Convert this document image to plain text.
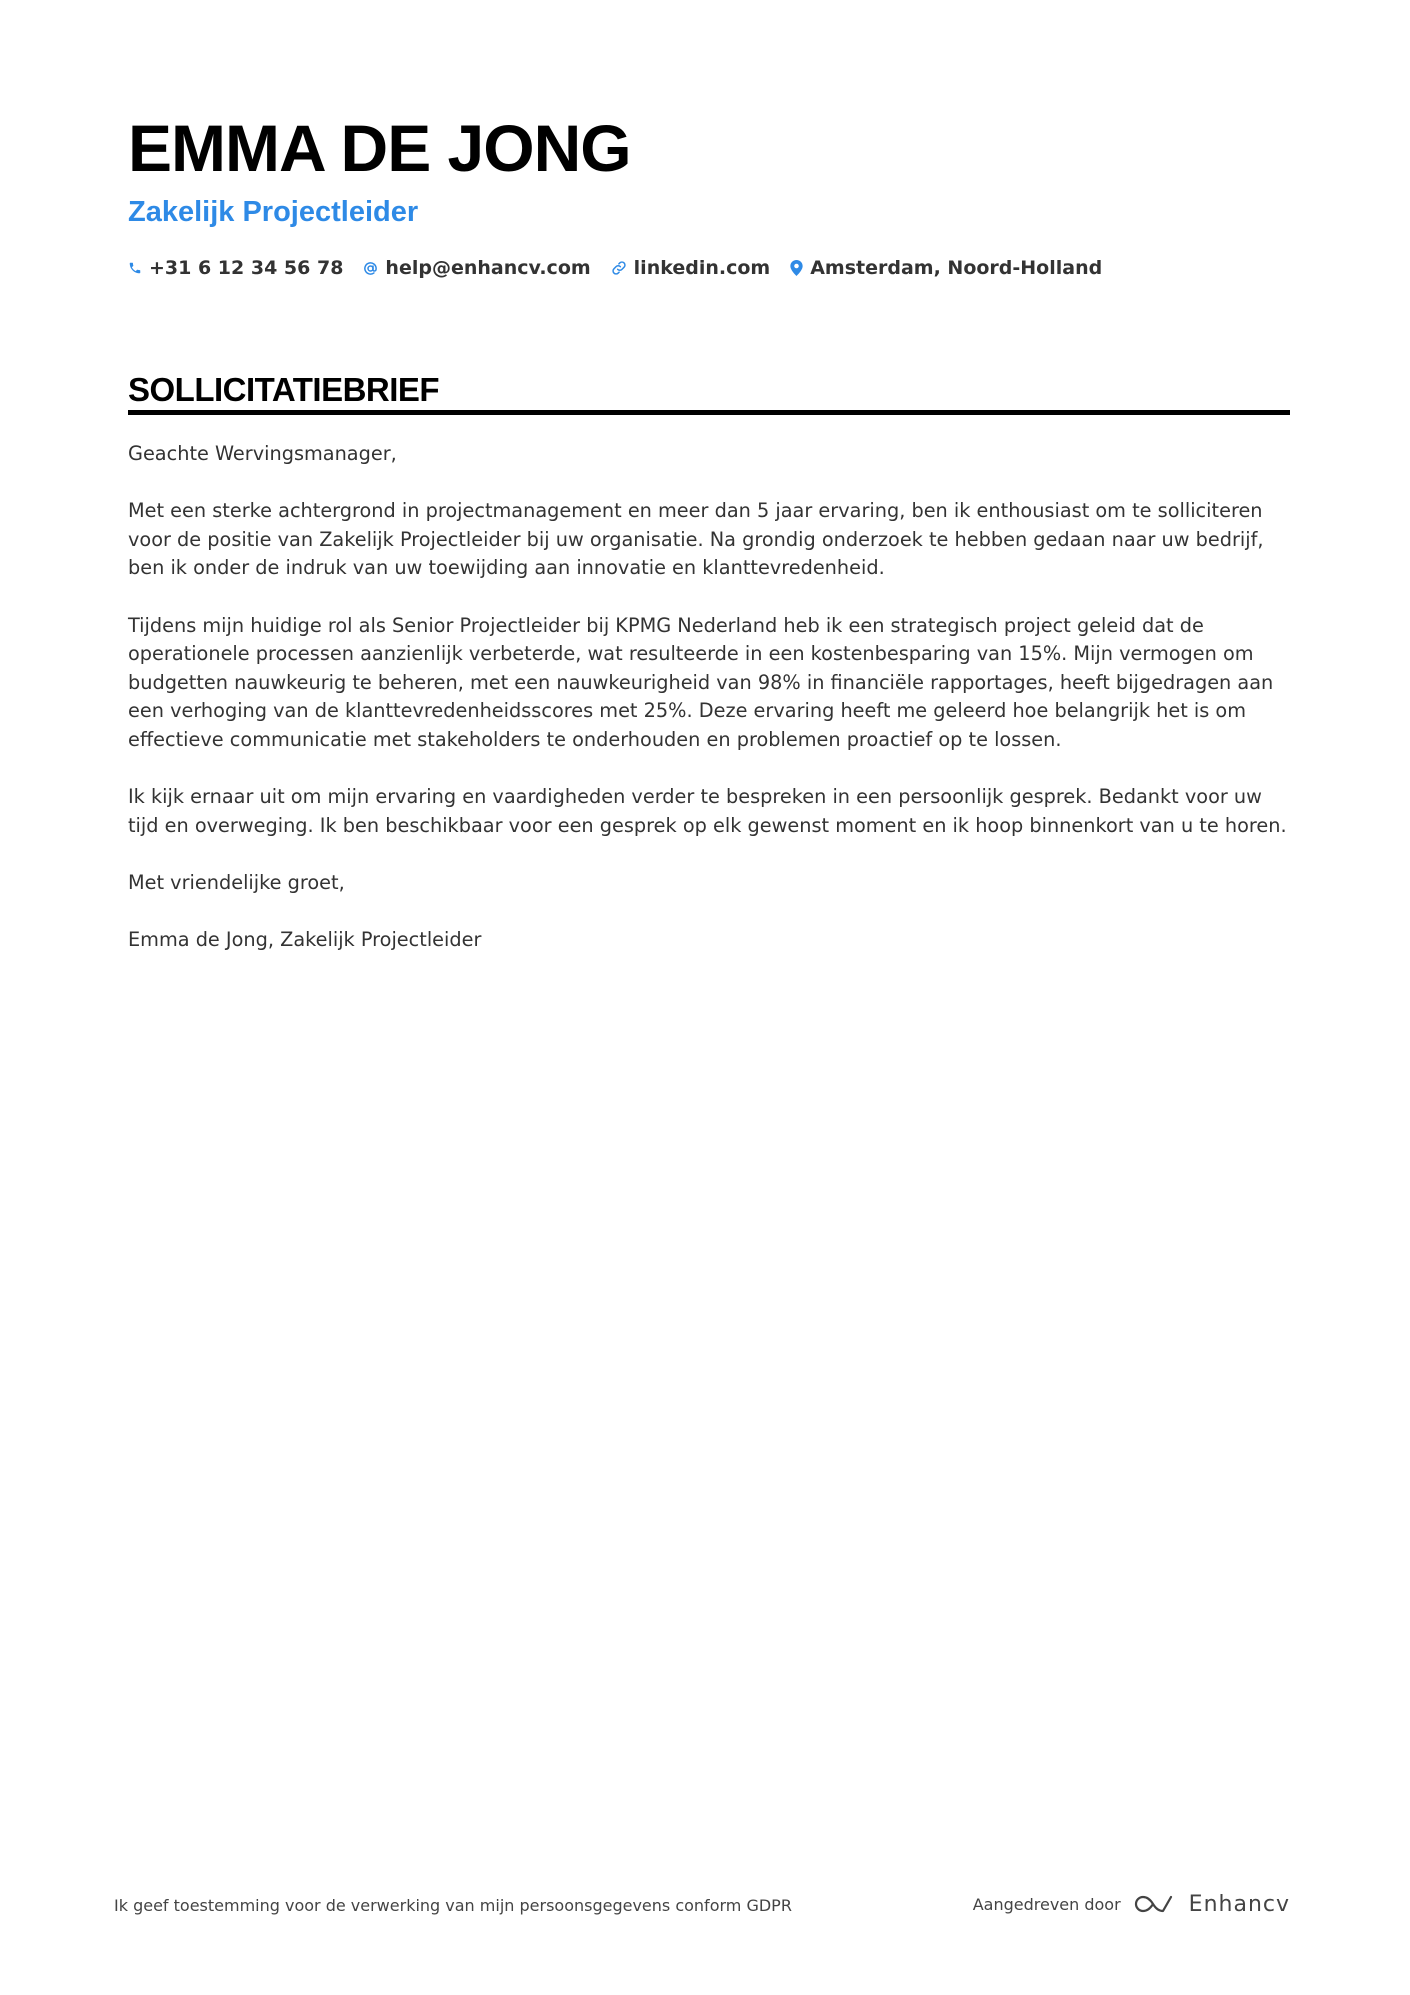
EMMA DE JONG
Zakelijk Projectleider
+31 6 12 34 56 78 help@enhancv.com linkedin.com Amsterdam, Noord-Holland
SOLLICITATIEBRIEF

Geachte Wervingsmanager,

Met een sterke achtergrond in projectmanagement en meer dan 5 jaar ervaring, ben ik enthousiast om te solliciteren voor de positie van Zakelijk Projectleider bij uw organisatie. Na grondig onderzoek te hebben gedaan naar uw bedrijf, ben ik onder de indruk van uw toewijding aan innovatie en klanttevredenheid.

Tijdens mijn huidige rol als Senior Projectleider bij KPMG Nederland heb ik een strategisch project geleid dat de operationele processen aanzienlijk verbeterde, wat resulteerde in een kostenbesparing van 15%. Mijn vermogen om budgetten nauwkeurig te beheren, met een nauwkeurigheid van 98% in financiële rapportages, heeft bijgedragen aan een verhoging van de klanttevredenheidsscores met 25%. Deze ervaring heeft me geleerd hoe belangrijk het is om effectieve communicatie met stakeholders te onderhouden en problemen proactief op te lossen.

Ik kijk ernaar uit om mijn ervaring en vaardigheden verder te bespreken in een persoonlijk gesprek. Bedankt voor uw tijd en overweging. Ik ben beschikbaar voor een gesprek op elk gewenst moment en ik hoop binnenkort van u te horen.

Met vriendelijke groet,

Emma de Jong, Zakelijk Projectleider

Ik geef toestemming voor de verwerking van mijn persoonsgegevens conform GDPR	Aangedreven door	Enhancv
